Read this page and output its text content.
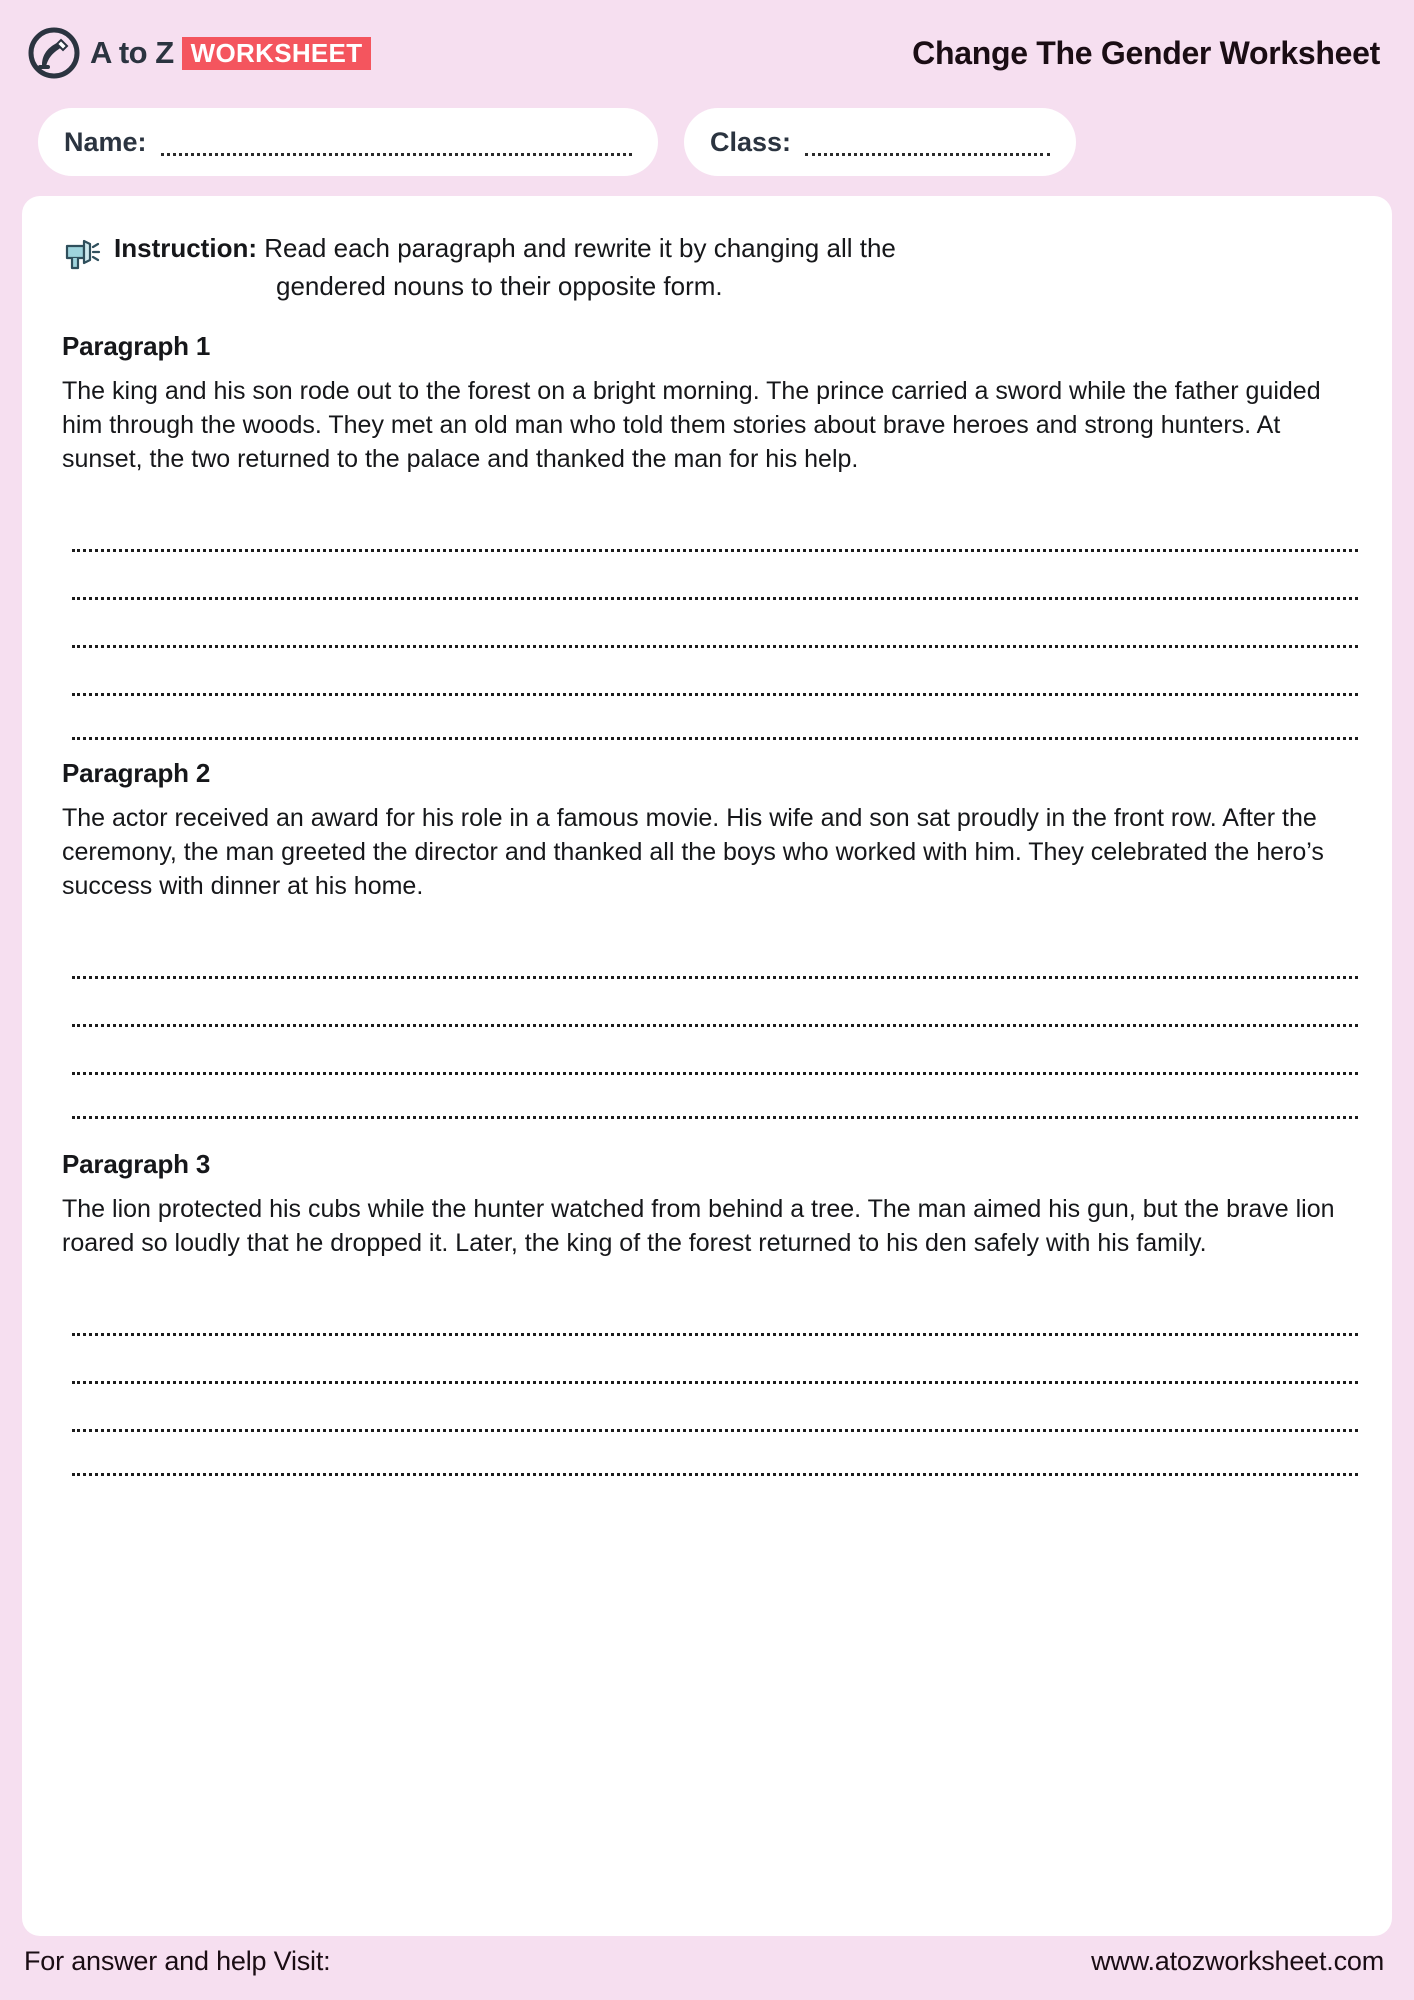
A to Z WORKSHEET	Change The Gender Worksheet
Name:	Class:
Instruction: Read each paragraph and rewrite it by changing all the
gendered nouns to their opposite form.
Paragraph 1
The king and his son rode out to the forest on a bright morning. The prince carried a sword while the father guided him through the woods. They met an old man who told them stories about brave heroes and strong hunters. At sunset, the two returned to the palace and thanked the man for his help.
Paragraph 2
The actor received an award for his role in a famous movie. His wife and son sat proudly in the front row. After the ceremony, the man greeted the director and thanked all the boys who worked with him. They celebrated the hero’s success with dinner at his home.
Paragraph 3
The lion protected his cubs while the hunter watched from behind a tree. The man aimed his gun, but the brave lion roared so loudly that he dropped it. Later, the king of the forest returned to his den safely with his family.
For answer and help Visit:	www.atozworksheet.com
